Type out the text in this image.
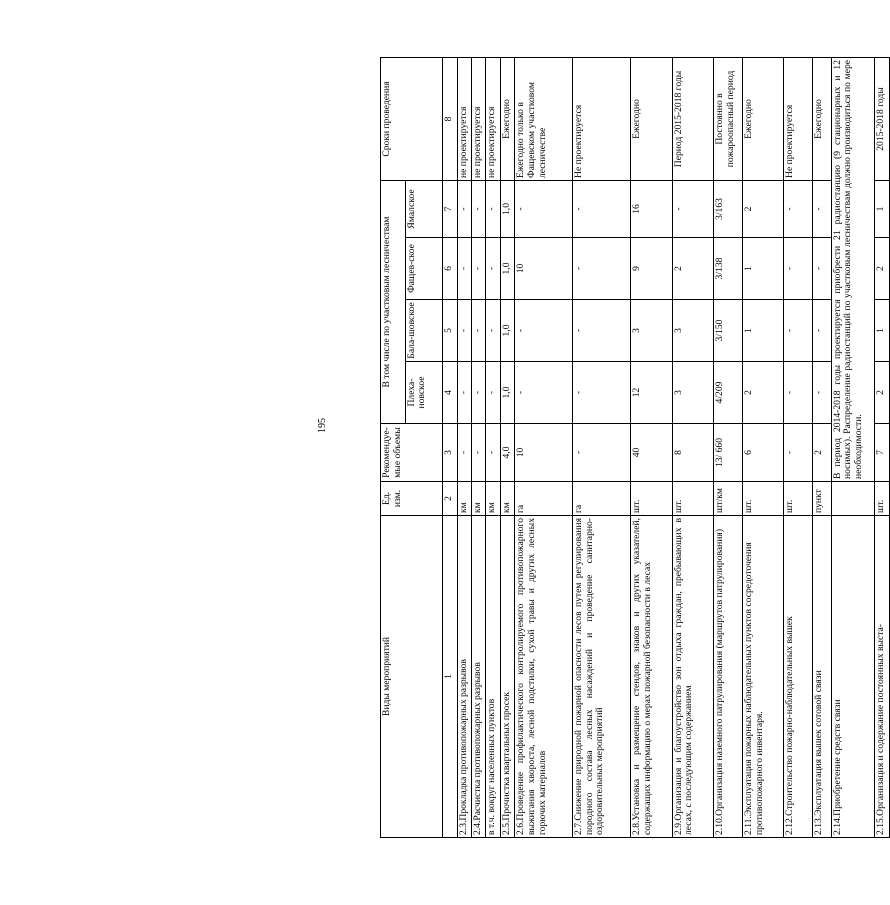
195
Виды мероприятий	Ед. изм.	Рекомендуе-мые объемы	В том числе по участковым лесничествам				Сроки проведения
			Плеха-новское	Бала-шовское	Фащев-ское	Ямалское	
1	2	3	4	5	6	7	8
2.3.Прокладка противопожарных разрывов	км	-	-	-	-	-	не проектируется
2.4.Расчистка противопожарных разрывов	км	-	-	-	-	-	не проектируется
в т.ч. вокруг населенных пунктов	км	-	-	-	-	-	не проектируется
2.5.Прочистка квартальных просек	км	4,0	1,0	1,0	1,0	1,0	Ежегодно
2.6.Проведение профилактического контролируемого противопожарного выжигания хвороста, лесной подстилки, сухой травы и других лесных горючих материалов	га	10	-	-	10	-	Ежегодно только в Фащевском участковом лесничестве
2.7.Снижение природной пожарной опасности лесов путем регулирования породного состава лесных насаждений и проведение санитарно-оздоровительных мероприятий	га	-	-	-	-	-	Не проектируется
2.8.Установка и размещение стендов, знаков и других указателей, содержащих информацию о мерах пожарной безопасности в лесах	шт.	40	12	3	9	16	Ежегодно
2.9.Организация и благоустройство зон отдыха граждан, пребывающих в лесах, с последующим содержанием	шт.	8	3	3	2	-	Период 2015-2018 годы
2.10.Организация наземного патрулирования (маршрутов патрулирования)	шт/км	13/ 660	4/209	3/150	3/138	3/163	Постоянно в пожароопасный период
2.11.Эксплуатация пожарных наблюдательных пунктов сосредоточения противопожарного инвентаря.	шт.	6	2	1	1	2	Ежегодно
2.12.Строительство пожарно-наблюдательных вышек	шт.	-	-	-	-	-	Не проектируется
2.13.Эксплуатация вышек сотовой связи	пункт	2	-	-	-	-	Ежегодно
2.14.Приобретение средств связи		В период 2014-2018 годы проектируется приобрести 21 радиостанцию (9 стационарных и 12 носимых). Распределение радиостанций по участковым лесничествам должно производиться по мере необходимости.					
2.15.Организация и содержание постоянных выста-	шт.	7	2	1	2	1	2015-2018 годы
